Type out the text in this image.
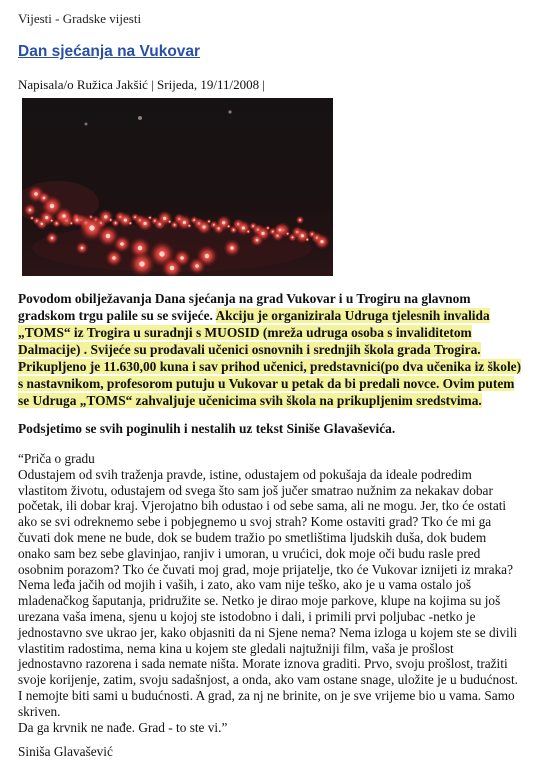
Vijesti - Gradske vijesti
Dan sjećanja na Vukovar
Napisala/o Ružica Jakšić | Srijeda, 19/11/2008 |
Povodom obilježavanja Dana sjećanja na grad Vukovar i u Trogiru na glavnom
gradskom trgu palile su se svijeće. Akciju je organizirala Udruga tjelesnih invalida
„TOMS“ iz Trogira u suradnji s MUOSID (mreža udruga osoba s invaliditetom
Dalmacije) . Svijeće su prodavali učenici osnovnih i srednjih škola grada Trogira.
Prikupljeno je 11.630,00 kuna i sav prihod učenici, predstavnici(po dva učenika iz škole)
s nastavnikom, profesorom putuju u Vukovar u petak da bi predali novce. Ovim putem
se Udruga „TOMS“ zahvaljuje učenicima svih škola na prikupljenim sredstvima.
Podsjetimo se svih poginulih i nestalih uz tekst Siniše Glavaševića.
“Priča o gradu
Odustajem od svih traženja pravde, istine, odustajem od pokušaja da ideale podredim
vlastitom životu, odustajem od svega što sam još jučer smatrao nužnim za nekakav dobar
početak, ili dobar kraj. Vjerojatno bih odustao i od sebe sama, ali ne mogu. Jer, tko će ostati
ako se svi odreknemo sebe i pobjegnemo u svoj strah? Kome ostaviti grad? Tko će mi ga
čuvati dok mene ne bude, dok se budem tražio po smetlištima ljudskih duša, dok budem
onako sam bez sebe glavinjao, ranjiv i umoran, u vrućici, dok moje oči budu rasle pred
osobnim porazom? Tko će čuvati moj grad, moje prijatelje, tko će Vukovar iznijeti iz mraka?
Nema leđa jačih od mojih i vaših, i zato, ako vam nije teško, ako je u vama ostalo još
mladenačkog šaputanja, pridružite se. Netko je dirao moje parkove, klupe na kojima su još
urezana vaša imena, sjenu u kojoj ste istodobno i dali, i primili prvi poljubac -netko je
jednostavno sve ukrao jer, kako objasniti da ni Sjene nema? Nema izloga u kojem ste se divili
vlastitim radostima, nema kina u kojem ste gledali najtužniji film, vaša je prošlost
jednostavno razorena i sada nemate ništa. Morate iznova graditi. Prvo, svoju prošlost, tražiti
svoje korijenje, zatim, svoju sadašnjost, a onda, ako vam ostane snage, uložite je u budućnost.
I nemojte biti sami u budućnosti. A grad, za nj ne brinite, on je sve vrijeme bio u vama. Samo
skriven.
Da ga krvnik ne nađe. Grad - to ste vi.”
Siniša Glavašević
